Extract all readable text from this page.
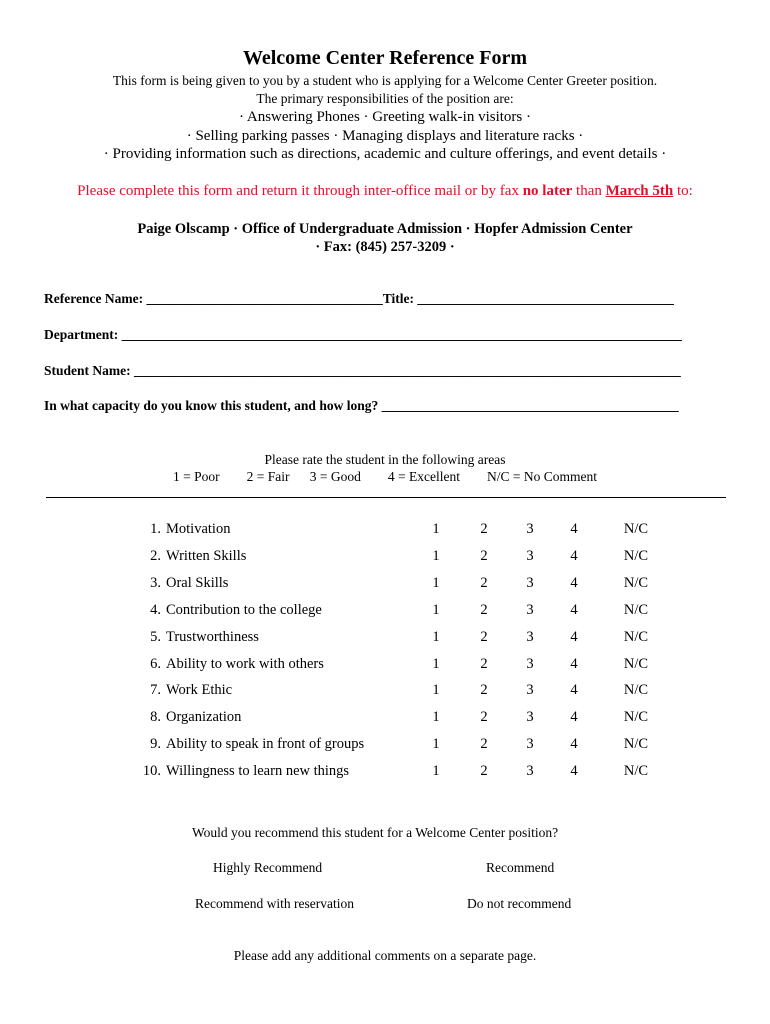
Welcome Center Reference Form
This form is being given to you by a student who is applying for a Welcome Center Greeter position.
The primary responsibilities of the position are:
· Answering Phones · Greeting walk-in visitors ·
· Selling parking passes · Managing displays and literature racks ·
· Providing information such as directions, academic and culture offerings, and event details ·
Please complete this form and return it through inter-office mail or by fax no later than March 5th to:
Paige Olscamp · Office of Undergraduate Admission · Hopfer Admission Center
· Fax: (845) 257-3209 ·
Reference Name: ___________________________________Title: ______________________________________
Department: ___________________________________________________________________________________
Student Name: _________________________________________________________________________________
In what capacity do you know this student, and how long? ____________________________________________
Please rate the student in the following areas
1 = Poor        2 = Fair      3 = Good        4 = Excellent        N/C = No Comment
1. Motivation	1	2	3	4	N/C
2. Written Skills	1	2	3	4	N/C
3. Oral Skills	1	2	3	4	N/C
4. Contribution to the college	1	2	3	4	N/C
5. Trustworthiness	1	2	3	4	N/C
6. Ability to work with others	1	2	3	4	N/C
7. Work Ethic	1	2	3	4	N/C
8. Organization	1	2	3	4	N/C
9. Ability to speak in front of groups	1	2	3	4	N/C
10. Willingness to learn new things	1	2	3	4	N/C
Would you recommend this student for a Welcome Center position?
Highly Recommend	Recommend
Recommend with reservation	Do not recommend
Please add any additional comments on a separate page.
